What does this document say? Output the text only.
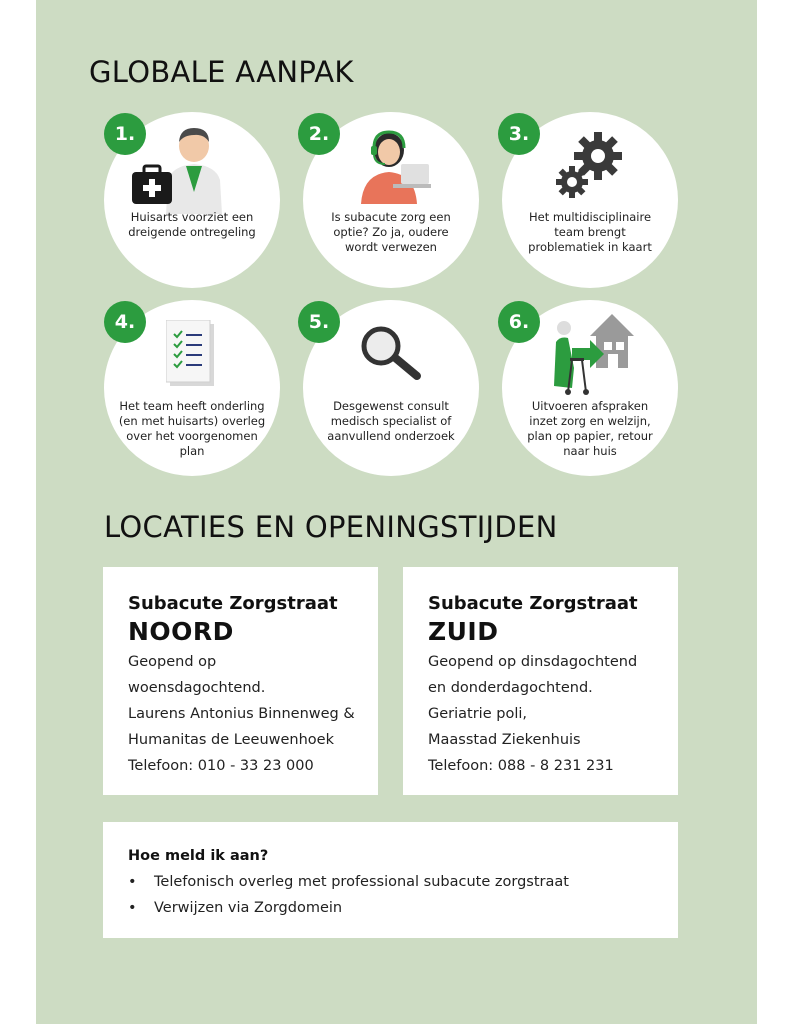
GLOBALE AANPAK
Huisarts voorziet een dreigende ontregeling
1.
Is subacute zorg een optie? Zo ja, oudere wordt verwezen
2.
Het multidisciplinaire team brengt problematiek in kaart
3.
Het team heeft onderling (en met huisarts) overleg over het voorgenomen plan
4.
Desgewenst consult medisch specialist of aanvullend onderzoek
5.
Uitvoeren afspraken inzet zorg en welzijn, plan op papier, retour naar huis
6.
LOCATIES EN OPENINGSTIJDEN
Subacute Zorgstraat
NOORD
Geopend op
woensdagochtend.
Laurens Antonius Binnenweg &
Humanitas de Leeuwenhoek
Telefoon: 010 - 33 23 000
Subacute Zorgstraat
ZUID
Geopend op dinsdagochtend
en donderdagochtend.
Geriatrie poli,
Maasstad Ziekenhuis
Telefoon: 088 - 8 231 231
Hoe meld ik aan?
• Telefonisch overleg met professional subacute zorgstraat
• Verwijzen via Zorgdomein
